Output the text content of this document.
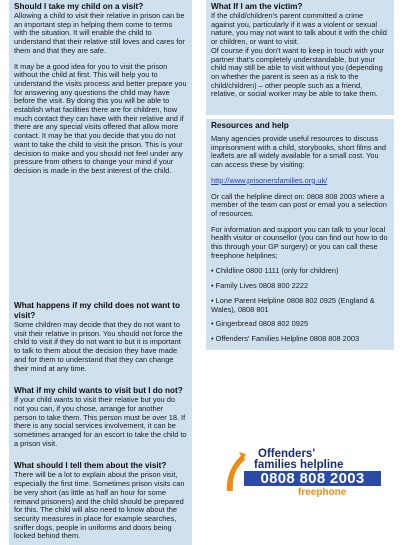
Should I take my child on a visit?

Allowing a child to visit their relative in prison can be an important step in helping them come to terms with the situation. It will enable the child to understand that their relative still loves and cares for them and that they are safe.

It may be a good idea for you to visit the prison without the child at first. This will help you to understand the visits process and better prepare you for answering any questions the child may have before the visit. By doing this you will be able to establish what facilities there are for children, how much contact they can have with their relative and if there are any special visits offered that allow more contact. It may be that you decide that you do not want to take the child to visit the prison. This is your decision to make and you should not feel under any pressure from others to change your mind if your decision is made in the best interest of the child.

What happens if my child does not want to visit?

Some children may decide that they do not want to visit their relative in prison. You should not force the child to visit if they do not want to but it is important to talk to them about the decision they have made and for them to understand that they can change their mind at any time.

What if my child wants to visit but I do not?

If your child wants to visit their relative but you do not you can, if you chose, arrange for another person to take them. This person must be over 18. If there is any social services involvement, it can be sometimes arranged for an escort to take the child to a prison visit.

What should I tell them about the visit?

There will be a lot to explain about the prison visit, especially the first time. Sometimes prison visits can be very short (as little as half an hour for some remand prisoners) and the child should be prepared for this. The child will also need to know about the security measures in place for example searches, sniffer dogs, people in uniforms and doors being locked behind them.

What If I am the victim?

If the child/children's parent committed a crime against you, particularly if it was a violent or sexual nature, you may not want to talk about it with the child or children, or want to visit.

Of course if you don't want to keep in touch with your partner that's completely understandable, but your child may still be able to visit without you (depending on whether the parent is seen as a risk to the child/children) – other people such as a friend, relative, or social worker may be able to take them.

Resources and help

Many agencies provide useful resources to discuss imprisonment with a child, storybooks, short films and leaflets are all widely available for a small cost. You can access these by visiting:

http://www.prisonersfamilies.org.uk/

Or call the helpline direct on: 0808 808 2003 where a member of the team can post or email you a selection of resources.

For information and support you can talk to your local health visitor or counsellor (you can find out how to do this through your GP surgery) or you can call these freephone helplines;

• Childline 0800 1111 (only for children)
• Family Lives 0808 800 2222
• Lone Parent Helpline 0808 802 0925 (England & Wales), 0808 801
• Gingerbread 0808 802 0925
• Offenders' Families Helpline 0808 808 2003
Offenders'
families helpline
0808 808 2003
freephone
